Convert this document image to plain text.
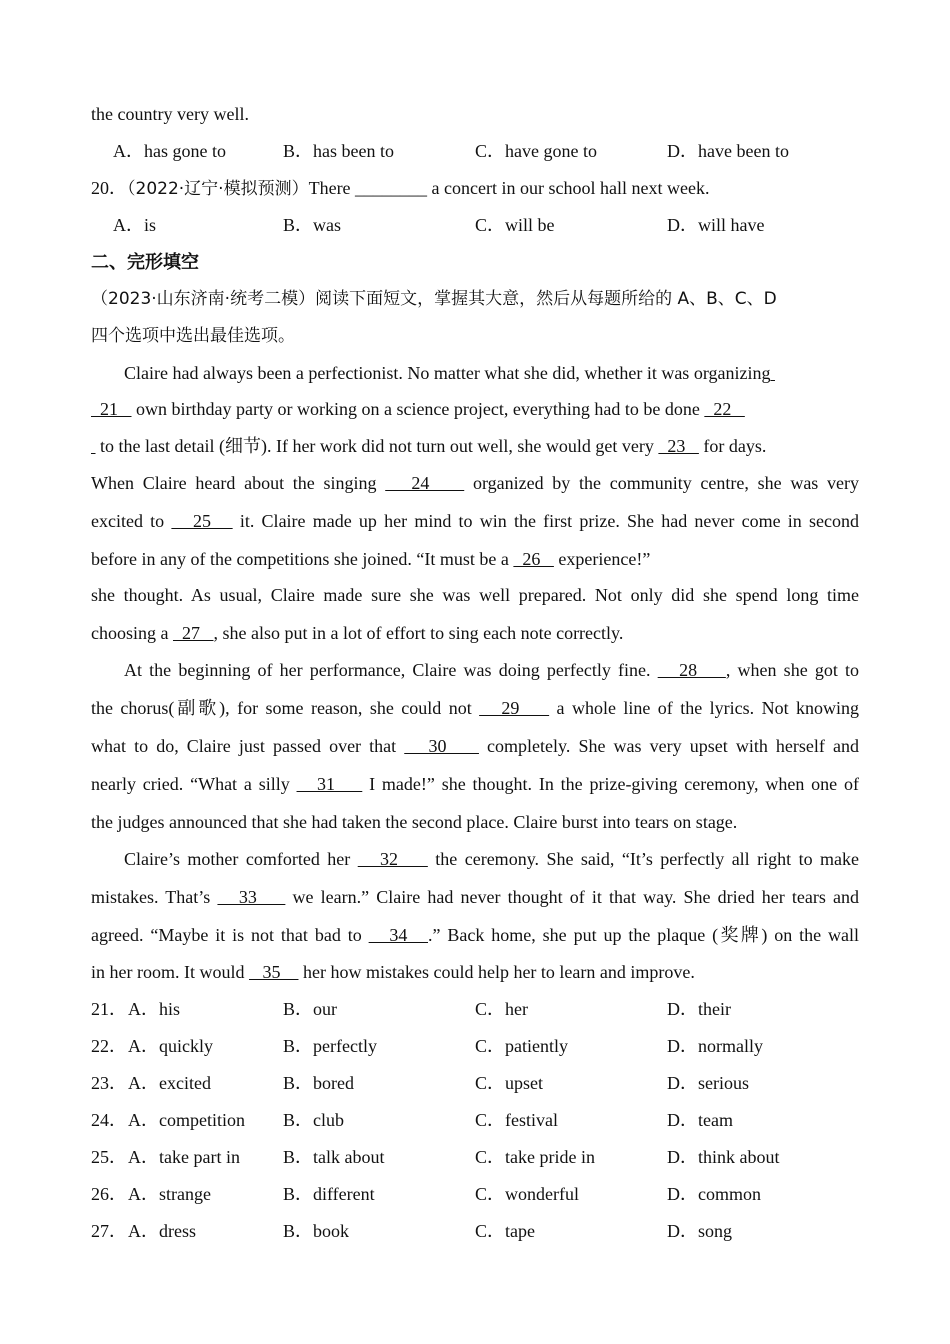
the country very well.
A．has gone to	B．has been to	C．have gone to	D．have been to
20．（2022·辽宁·模拟预测）There ________ a concert in our school hall next week.
A．is	B．was	C．will be	D．will have
二、完形填空
（2023·山东济南·统考二模）阅读下面短文，掌握其大意，然后从每题所给的 A、B、C、D
四个选项中选出最佳选项。
Claire had always been a perfectionist. No matter what she did, whether it was organizing
21    own birthday party or working on a science project, everything had to be done   22
to the last detail (细节). If her work did not turn out well, she would get very   23    for days.
When Claire heard about the singing    24     organized by the community centre, she was very
excited to    25    it. Claire made up her mind to win the first prize. She had never come in second
before in any of the competitions she joined. “It must be a   26    experience!”
she thought. As usual, Claire made sure she was well prepared. Not only did she spend long time
choosing a   27   , she also put in a lot of effort to sing each note correctly.
At the beginning of her performance, Claire was doing perfectly fine.    28    , when she got to
the chorus(副歌), for some reason, she could not    29     a whole line of the lyrics. Not knowing
what to do, Claire just passed over that    30     completely. She was very upset with herself and
nearly cried. “What a silly    31     I made!” she thought. In the prize-giving ceremony, when one of
the judges announced that she had taken the second place. Claire burst into tears on stage.
Claire’s mother comforted her    32     the ceremony. She said, “It’s perfectly all right to make
mistakes. That’s    33     we learn.” Claire had never thought of it that way. She dried her tears and
agreed. “Maybe it is not that bad to    34   .” Back home, she put up the plaque (奖牌) on the wall
in her room. It would    35     her how mistakes could help her to learn and improve.
21． A．his	B．our	C．her	D．their
22． A．quickly	B．perfectly	C．patiently	D．normally
23． A．excited	B．bored	C．upset	D．serious
24． A．competition B．club	C．festival	D．team
25． A．take part in B．talk about	C．take pride in	D．think about
26． A．strange	B．different	C．wonderful	D．common
27． A．dress	B．book	C．tape	D．song
